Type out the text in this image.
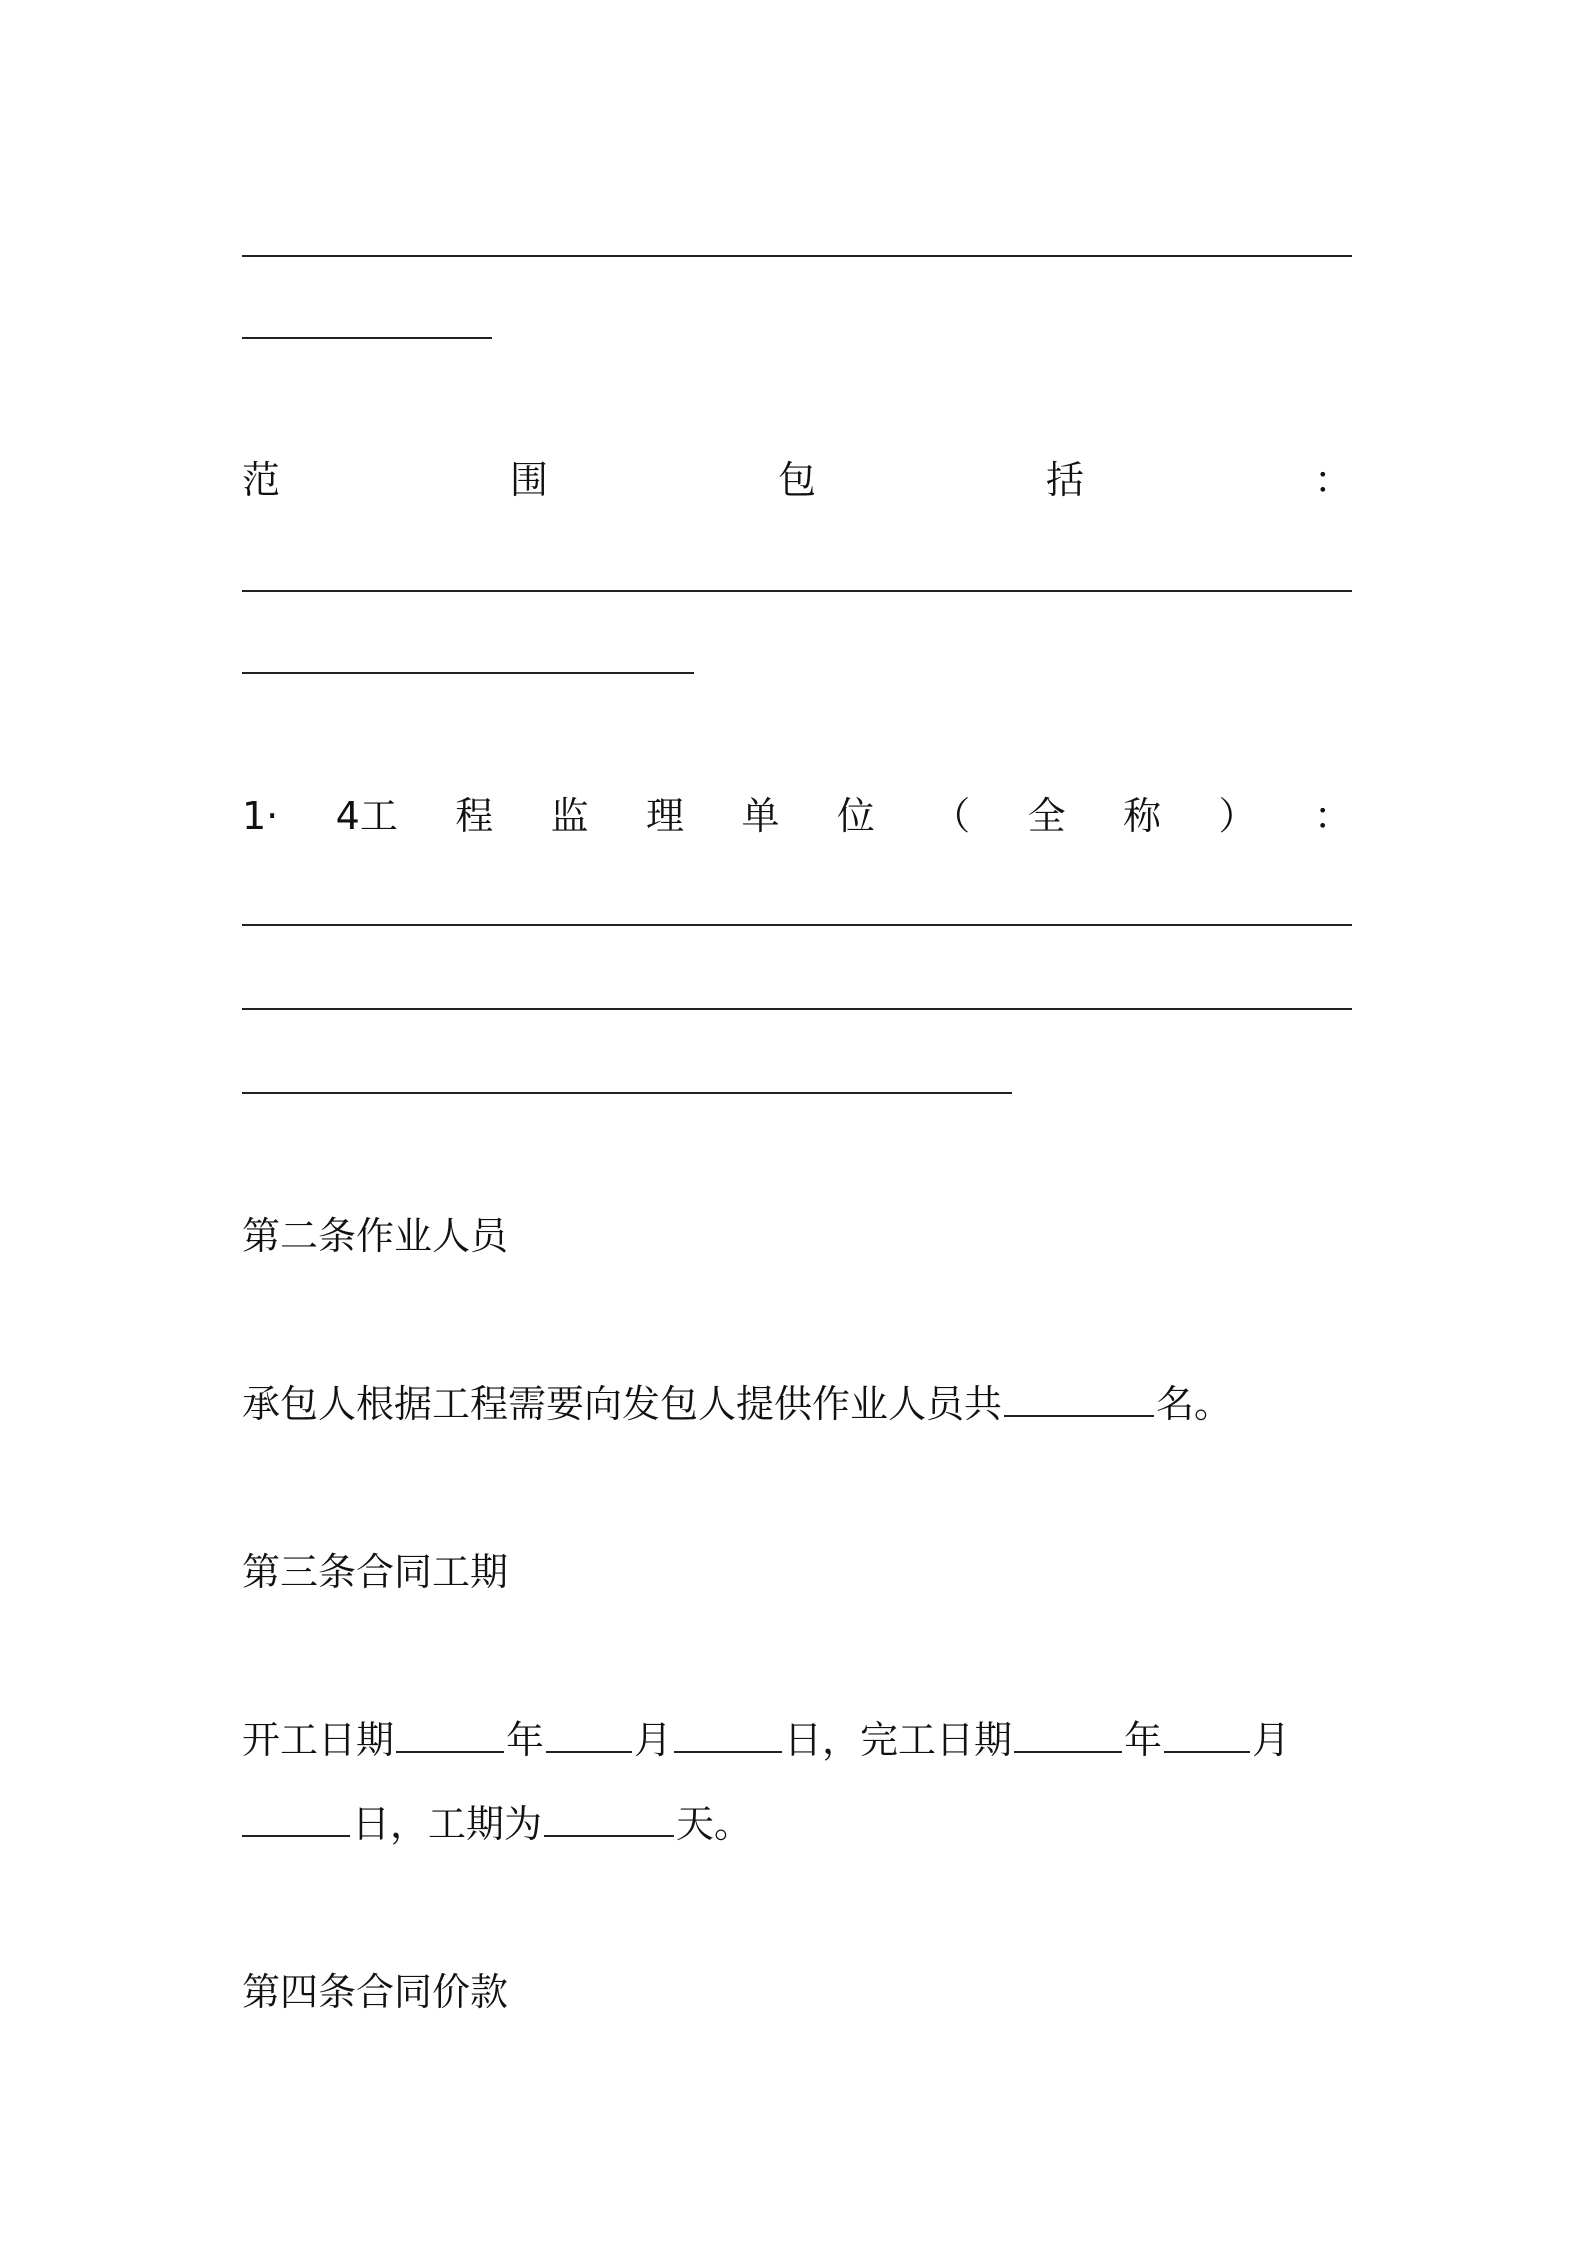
范	围	包	括	：
1· 4工 程 监 理 单 位 （ 全 称 ） ：
第二条作业人员
承包人根据工程需要向发包人提供作业人员共	名。
第三条合同工期
开工日期	年 月	日，完工日期	年 月
日，工期为	天。
第四条合同价款
